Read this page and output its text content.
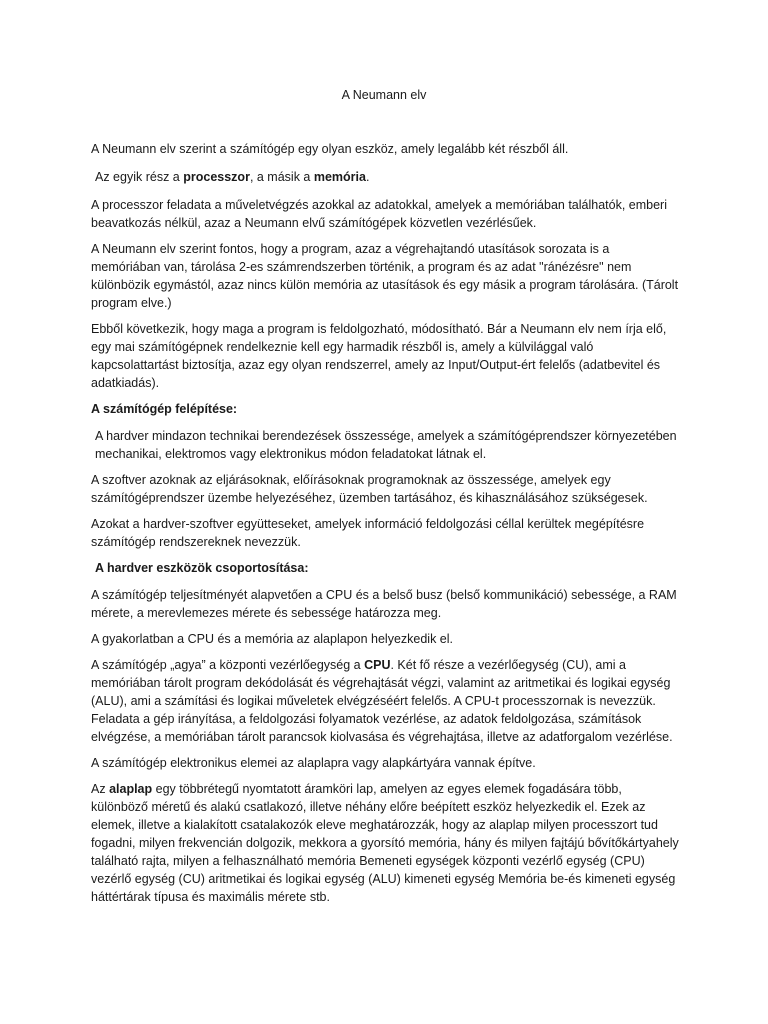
A Neumann elv

A Neumann elv szerint a számítógép egy olyan eszköz, amely legalább két részből áll.

Az egyik rész a processzor, a másik a memória.

A processzor feladata a műveletvégzés azokkal az adatokkal, amelyek a memóriában találhatók, emberi beavatkozás nélkül, azaz a Neumann elvű számítógépek közvetlen vezérlésűek.

A Neumann elv szerint fontos, hogy a program, azaz a végrehajtandó utasítások sorozata is a memóriában van, tárolása 2-es számrendszerben történik, a program és az adat "ránézésre" nem különbözik egymástól, azaz nincs külön memória az utasítások és egy másik a program tárolására. (Tárolt program elve.)

Ebből következik, hogy maga a program is feldolgozható, módosítható. Bár a Neumann elv nem írja elő, egy mai számítógépnek rendelkeznie kell egy harmadik részből is, amely a külvilággal való kapcsolattartást biztosítja, azaz egy olyan rendszerrel, amely az Input/Output-ért felelős (adatbevitel és adatkiadás).

A számítógép felépítése:

A hardver mindazon technikai berendezések összessége, amelyek a számítógéprendszer környezetében mechanikai, elektromos vagy elektronikus módon feladatokat látnak el.

A szoftver azoknak az eljárásoknak, előírásoknak programoknak az összessége, amelyek egy számítógéprendszer üzembe helyezéséhez, üzemben tartásához, és kihasználásához szükségesek.

Azokat a hardver-szoftver együtteseket, amelyek információ feldolgozási céllal kerültek megépítésre számítógép rendszereknek nevezzük.

A hardver eszközök csoportosítása:

A számítógép teljesítményét alapvetően a CPU és a belső busz (belső kommunikáció) sebessége, a RAM mérete, a merevlemezes mérete és sebessége határozza meg.

A gyakorlatban a CPU és a memória az alaplapon helyezkedik el.

A számítógép „agya” a központi vezérlőegység a CPU. Két fő része a vezérlőegység (CU), ami a memóriában tárolt program dekódolását és végrehajtását végzi, valamint az aritmetikai és logikai egység (ALU), ami a számítási és logikai műveletek elvégzéséért felelős. A CPU-t processzornak is nevezzük. Feladata a gép irányítása, a feldolgozási folyamatok vezérlése, az adatok feldolgozása, számítások elvégzése, a memóriában tárolt parancsok kiolvasása és végrehajtása, illetve az adatforgalom vezérlése.

A számítógép elektronikus elemei az alaplapra vagy alapkártyára vannak építve.

Az alaplap egy többrétegű nyomtatott áramköri lap, amelyen az egyes elemek fogadására több, különböző méretű és alakú csatlakozó, illetve néhány előre beépített eszköz helyezkedik el. Ezek az elemek, illetve a kialakított csatalakozók eleve meghatározzák, hogy az alaplap milyen processzort tud fogadni, milyen frekvencián dolgozik, mekkora a gyorsító memória, hány és milyen fajtájú bővítőkártyahely található rajta, milyen a felhasználható memória Bemeneti egységek központi vezérlő egység (CPU) vezérlő egység (CU) aritmetikai és logikai egység (ALU) kimeneti egység Memória be-és kimeneti egység háttértárak típusa és maximális mérete stb.
